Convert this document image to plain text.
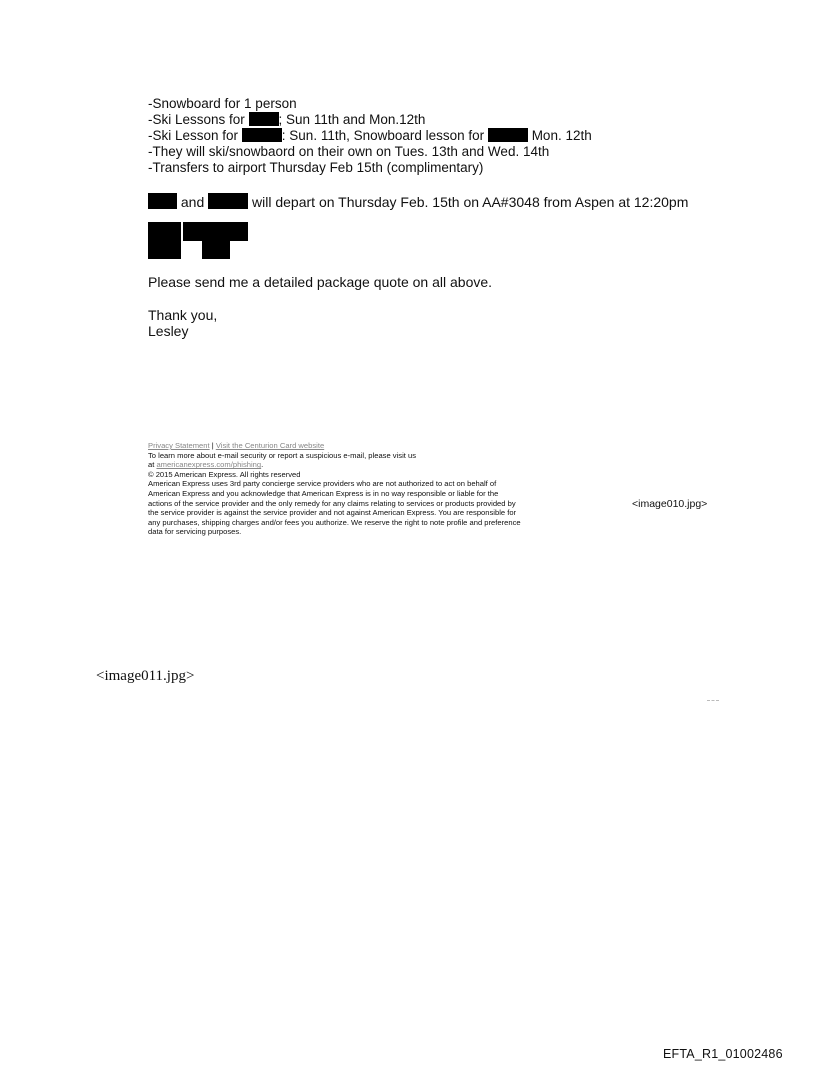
-Snowboard for 1 person
-Ski Lessons for ; Sun 11th and Mon.12th
-Ski Lesson for	: Sun. 11th, Snowboard lesson for	Mon. 12th
-They will ski/snowbaord on their own on Tues. 13th and Wed. 14th
-Transfers to airport Thursday Feb 15th (complimentary)
and	will depart on Thursday Feb. 15th on AA#3048 from Aspen at 12:20pm
Please send me a detailed package quote on all above.
Thank you,
Lesley
Privacy Statement | Visit the Centurion Card website
To learn more about e-mail security or report a suspicious e-mail, please visit us
at americanexpress.com/phishing.
© 2015 American Express. All rights reserved
American Express uses 3rd party concierge service providers who are not authorized to act on behalf of
American Express and you acknowledge that American Express is in no way responsible or liable for the
actions of the service provider and the only remedy for any claims relating to services or products provided by
the service provider is against the service provider and not against American Express. You are responsible for
any purchases, shipping charges and/or fees you authorize. We reserve the right to note profile and preference
data for servicing purposes.
<image010.jpg>
<image011.jpg>
EFTA_R1_01002486
